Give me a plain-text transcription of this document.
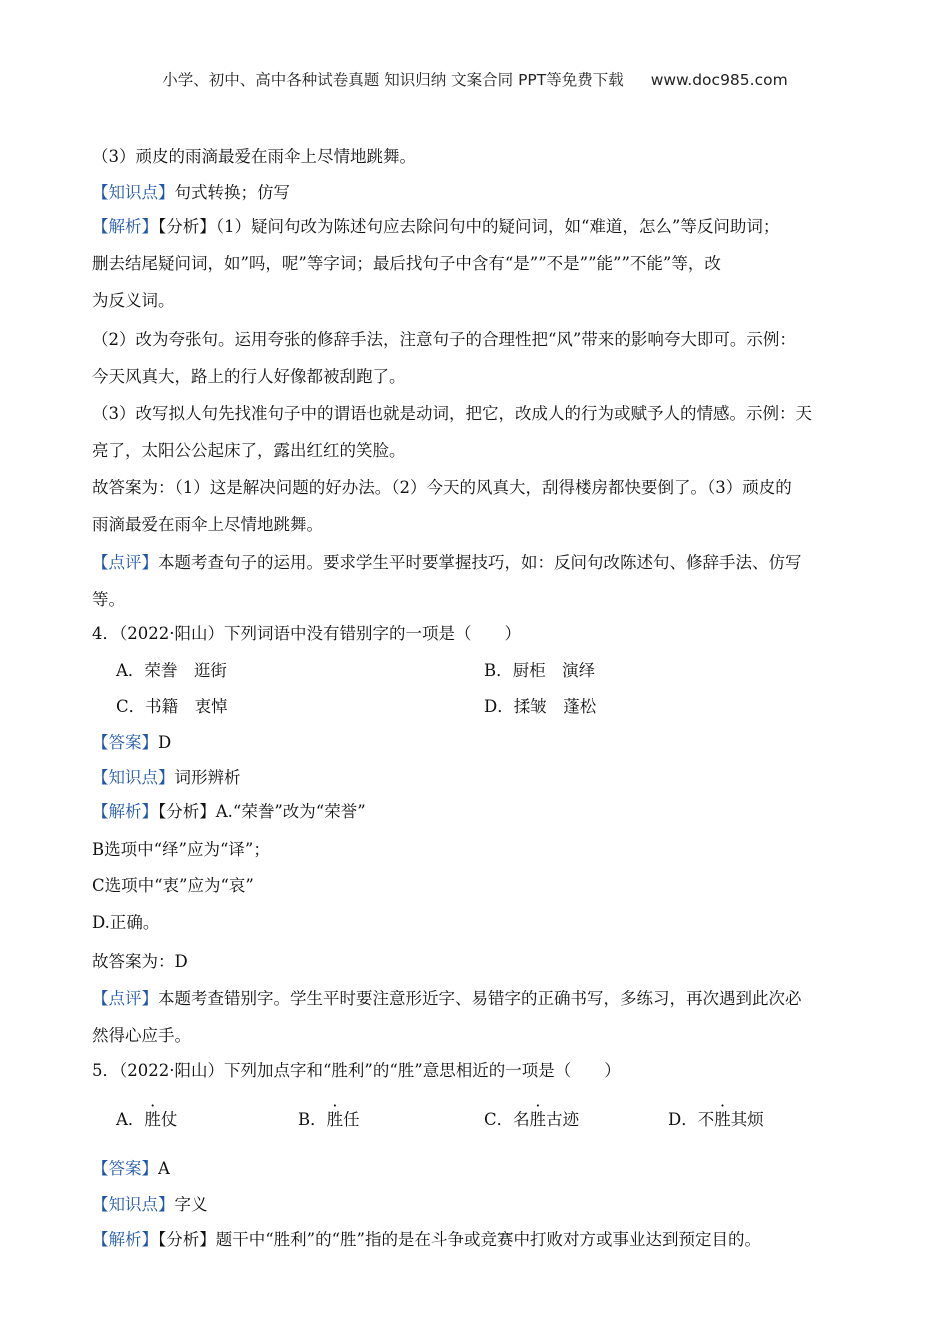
小学、初中、高中各种试卷真题 知识归纳 文案合同 PPT等免费下载 www.doc985.com
（3）顽皮的雨滴最爱在雨伞上尽情地跳舞。
【知识点】句式转换；仿写
【解析】【分析】（1）疑问句改为陈述句应去除问句中的疑问词，如“难道，怎么”等反问助词；
删去结尾疑问词，如”吗，呢”等字词；最后找句子中含有“是””不是””能””不能”等，改
为反义词。
（2）改为夸张句。运用夸张的修辞手法，注意句子的合理性把“风”带来的影响夸大即可。示例：
今天风真大，路上的行人好像都被刮跑了。
（3）改写拟人句先找准句子中的谓语也就是动词，把它，改成人的行为或赋予人的情感。示例：天
亮了，太阳公公起床了，露出红红的笑脸。
故答案为：（1）这是解决问题的好办法。（2）今天的风真大，刮得楼房都快要倒了。（3）顽皮的
雨滴最爱在雨伞上尽情地跳舞。
【点评】本题考查句子的运用。要求学生平时要掌握技巧，如：反问句改陈述句、修辞手法、仿写
等。
4．（2022·阳山）下列词语中没有错别字的一项是（　　）
A．荣誊　逛街	B．厨柜　演绎
C．书籍　衷悼	D．揉皱　蓬松
【答案】D
【知识点】词形辨析
【解析】【分析】A.“荣誊”改为“荣誉”
B选项中“绎”应为“译”；
C选项中“衷”应为“哀”
D.正确。
故答案为：D
【点评】本题考查错别字。学生平时要注意形近字、易错字的正确书写，多练习，再次遇到此次必
然得心应手。
5．（2022·阳山）下列加点字和“胜利”的“胜”意思相近的一项是（　　）
A．胜仗	B．胜任	C．名胜古迹	D．不胜其烦
【答案】A
【知识点】字义
【解析】【分析】题干中“胜利”的“胜”指的是在斗争或竞赛中打败对方或事业达到预定目的。
